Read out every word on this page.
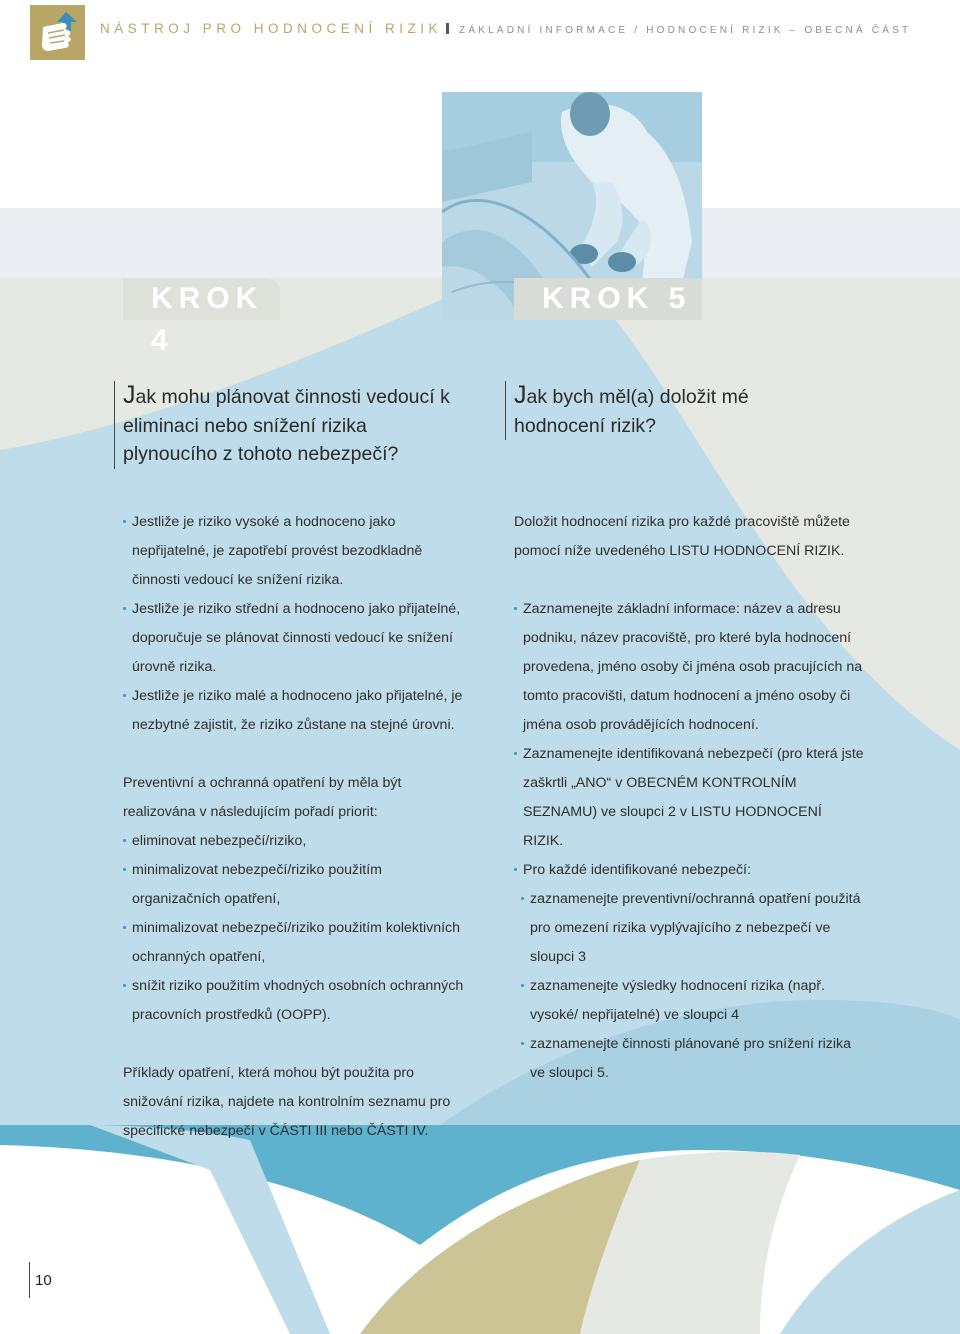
NÁSTROJ PRO HODNOCENÍ RIZIK ZÁKLADNÍ INFORMACE / HODNOCENÍ RIZIK – OBECNÁ ČÁST
KROK 4
KROK 5
Jak mohu plánovat činnosti vedoucí k eliminaci nebo snížení rizika plynoucího z tohoto nebezpečí?
Jak bych měl(a) doložit mé hodnocení rizik?
Jestliže je riziko vysoké a hodnoceno jako nepřijatelné, je zapotřebí provést bezodkladně činnosti vedoucí ke snížení rizika.
Jestliže je riziko střední a hodnoceno jako přijatelné, doporučuje se plánovat činnosti vedoucí ke snížení úrovně rizika.
Jestliže je riziko malé a hodnoceno jako přijatelné, je nezbytné zajistit, že riziko zůstane na stejné úrovni.

Preventivní a ochranná opatření by měla být realizována v následujícím pořadí priorit:

eliminovat nebezpečí/riziko,
minimalizovat nebezpečí/riziko použitím organizačních opatření,
minimalizovat nebezpečí/riziko použitím kolektivních ochranných opatření,
snížit riziko použitím vhodných osobních ochranných pracovních prostředků (OOPP).

Příklady opatření, která mohou být použita pro snižování rizika, najdete na kontrolním seznamu pro specifické nebezpečí v ČÁSTI III nebo ČÁSTI IV.

Doložit hodnocení rizika pro každé pracoviště můžete pomocí níže uvedeného LISTU HODNOCENÍ RIZIK.

Zaznamenejte základní informace: název a adresu podniku, název pracoviště, pro které byla hodnocení provedena, jméno osoby či jména osob pracujících na tomto pracovišti, datum hodnocení a jméno osoby či jména osob provádějících hodnocení.
Zaznamenejte identifikovaná nebezpečí (pro která jste zaškrtli „ANO“ v OBECNÉM KONTROLNÍM SEZNAMU) ve sloupci 2 v LISTU HODNOCENÍ RIZIK.
Pro každé identifikované nebezpečí:
zaznamenejte preventivní/ochranná opatření použitá pro omezení rizika vyplývajícího z nebezpečí ve sloupci 3
zaznamenejte výsledky hodnocení rizika (např. vysoké/ nepřijatelné) ve sloupci 4
zaznamenejte činnosti plánované pro snížení rizika ve sloupci 5.
10
